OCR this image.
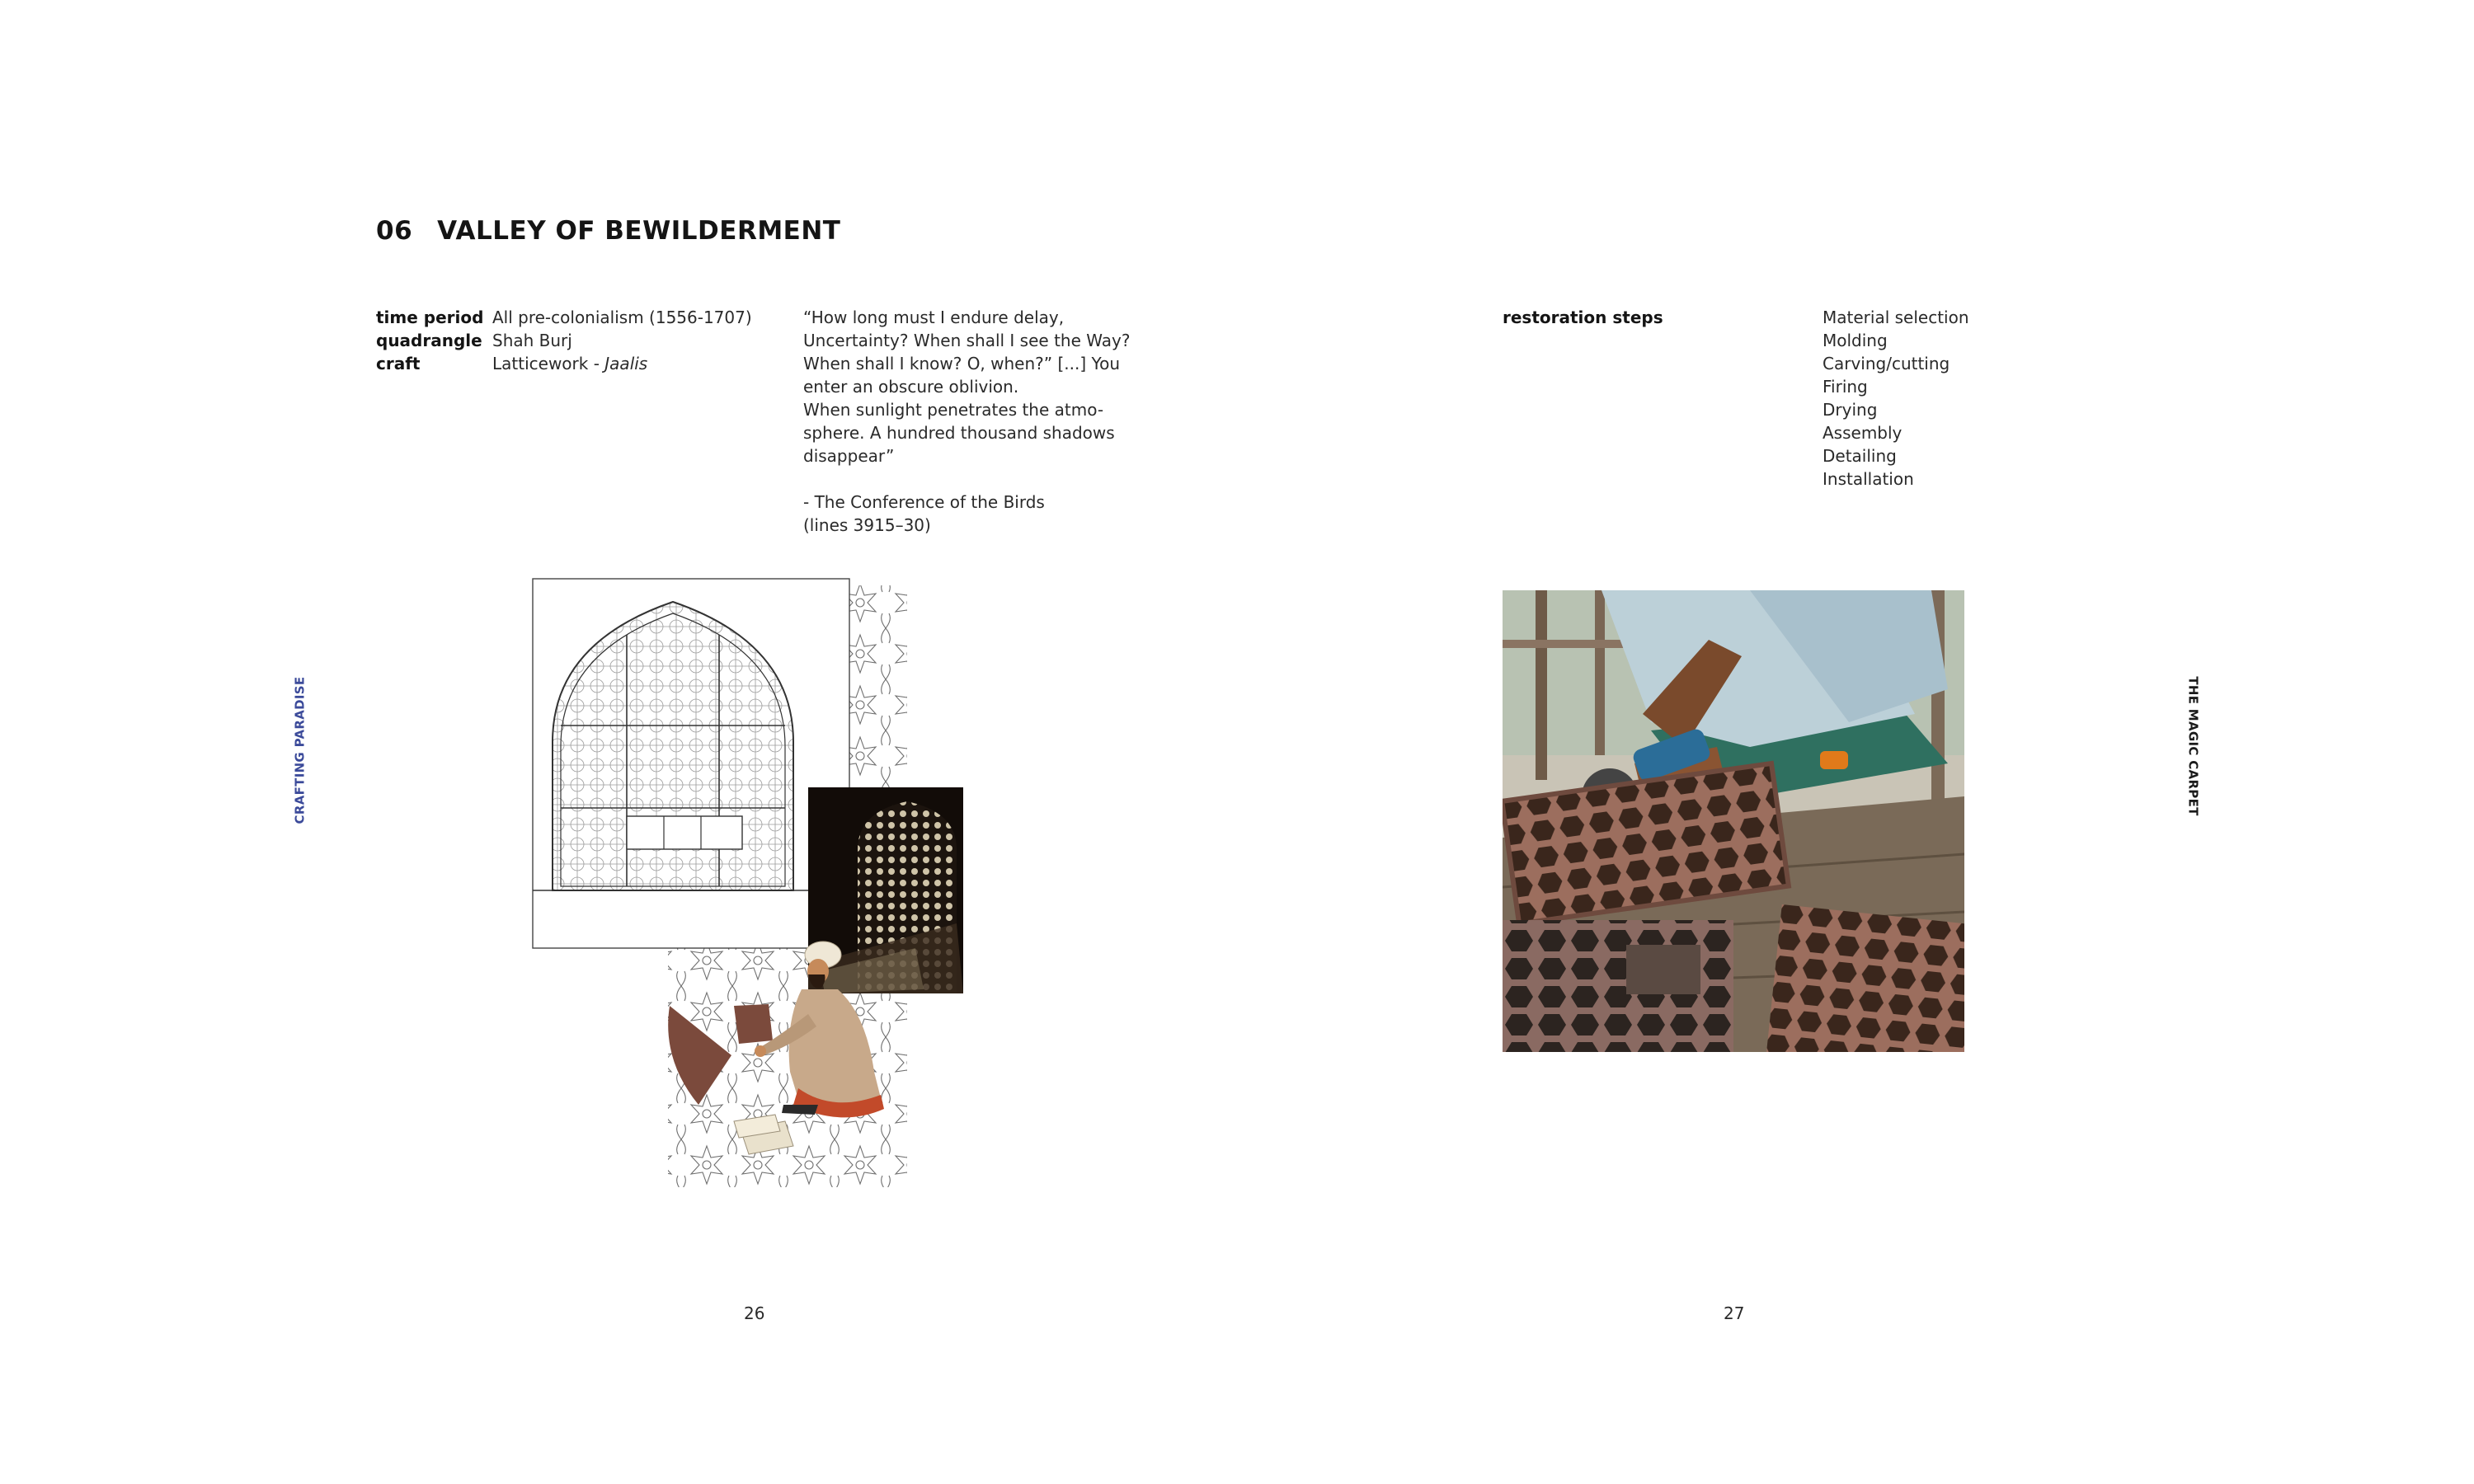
06 VALLEY OF BEWILDERMENT
time period All pre-colonialism (1556-1707)
quadrangle Shah Burj
craft	Latticework - Jaalis
“How long must I endure delay,
Uncertainty? When shall I see the Way?
When shall I know? O, when?” [...] You
enter an obscure oblivion.
When sunlight penetrates the atmo-
sphere. A hundred thousand shadows
disappear”
- The Conference of the Birds
(lines 3915–30)
CRAFTING PARADISE
26
restoration steps	Material selection
Molding
Carving/cutting
Firing
Drying
Assembly
Detailing
Installation
THE MAGIC CARPET
27
